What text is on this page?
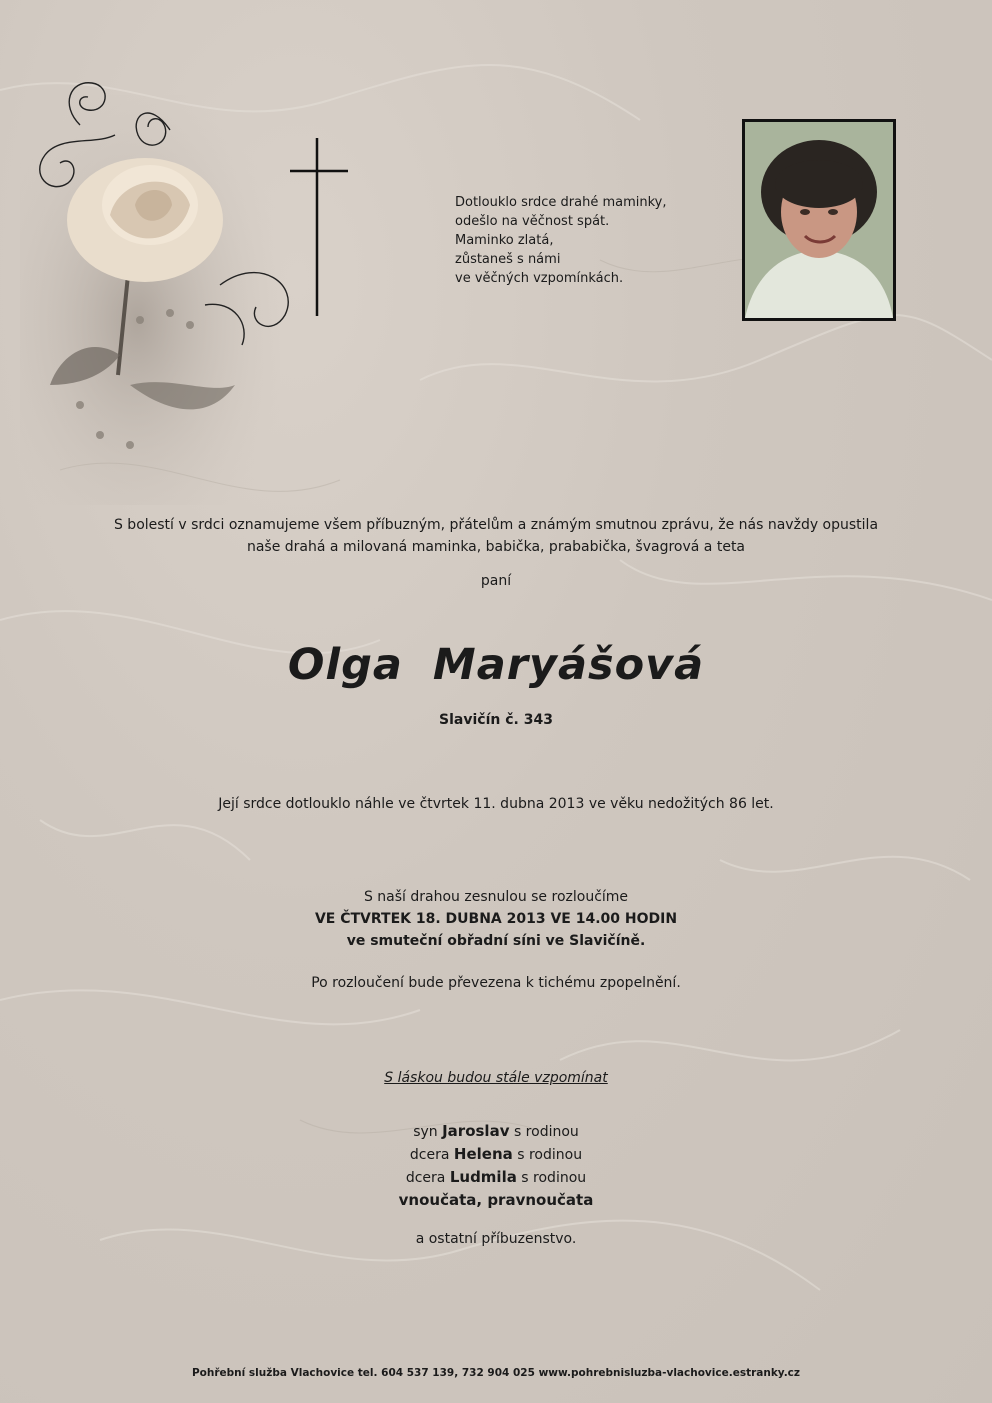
Dotlouklo srdce drahé maminky,
odešlo na věčnost spát.
Maminko zlatá,
zůstaneš s námi
ve věčných vzpomínkách.
S bolestí v srdci oznamujeme všem příbuzným, přátelům a známým smutnou zprávu, že nás navždy opustila
naše drahá a milovaná maminka, babička, prababička, švagrová a teta
paní
Olga Maryášová
Slavičín č. 343
Její srdce dotlouklo náhle ve čtvrtek 11. dubna 2013 ve věku nedožitých 86 let.
S naší drahou zesnulou se rozloučíme
VE ČTVRTEK 18. DUBNA 2013 VE 14.00 HODIN
ve smuteční obřadní síni ve Slavičíně.
Po rozloučení bude převezena k tichému zpopelnění.
S láskou budou stále vzpomínat
syn Jaroslav s rodinou
dcera Helena s rodinou
dcera Ludmila s rodinou
vnoučata, pravnoučata
a ostatní příbuzenstvo.
Pohřební služba Vlachovice tel. 604 537 139, 732 904 025 www.pohrebnisluzba-vlachovice.estranky.cz
